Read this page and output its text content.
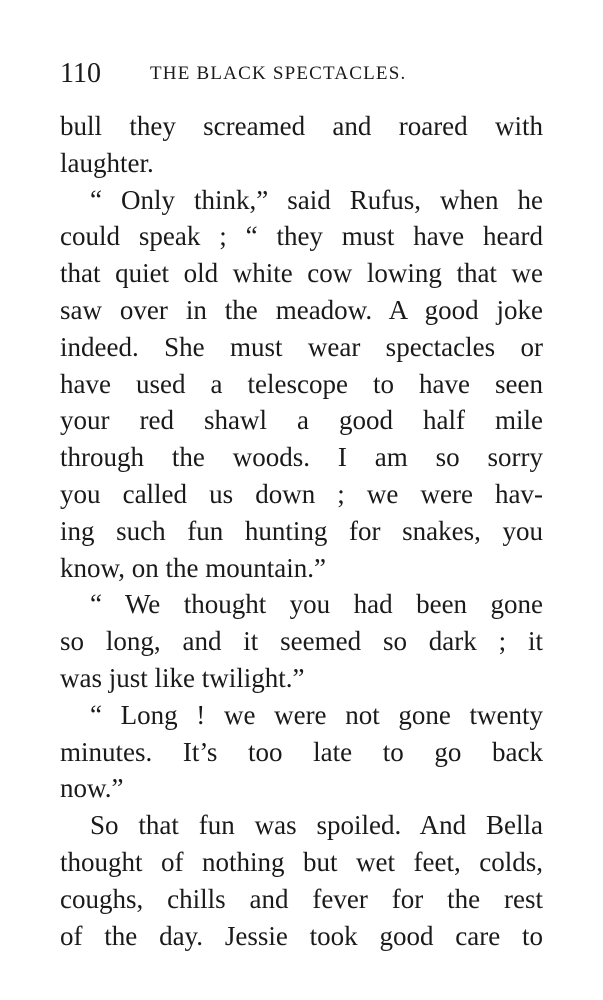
110	THE BLACK SPECTACLES.
bull they screamed and roared with
laughter.
“ Only think,” said Rufus, when he
could speak ; “ they must have heard
that quiet old white cow lowing that we
saw over in the meadow. A good joke
indeed. She must wear spectacles or
have used a telescope to have seen
your red shawl a good half mile
through the woods. I am so sorry
you called us down ; we were hav-
ing such fun hunting for snakes, you
know, on the mountain.”
“ We thought you had been gone
so long, and it seemed so dark ; it
was just like twilight.”
“ Long ! we were not gone twenty
minutes. It’s too late to go back
now.”
So that fun was spoiled. And Bella
thought of nothing but wet feet, colds,
coughs, chills and fever for the rest
of the day. Jessie took good care to
